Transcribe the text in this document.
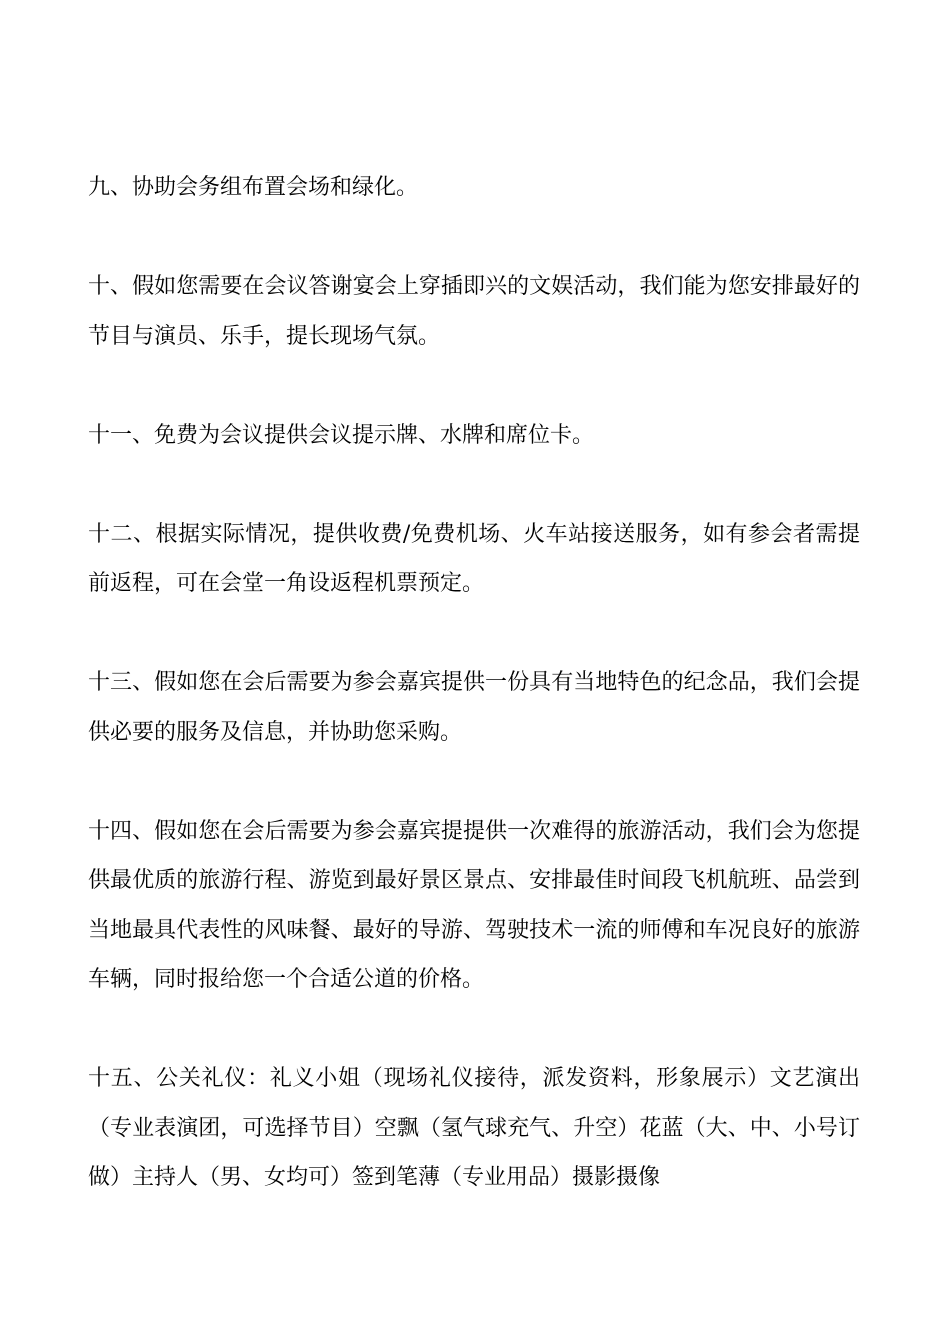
九、协助会务组布置会场和绿化。

十、假如您需要在会议答谢宴会上穿插即兴的文娱活动，我们能为您安排最好的节目与演员、乐手，提长现场气氛。

十一、免费为会议提供会议提示牌、水牌和席位卡。

十二、根据实际情况，提供收费/免费机场、火车站接送服务，如有参会者需提前返程，可在会堂一角设返程机票预定。

十三、假如您在会后需要为参会嘉宾提供一份具有当地特色的纪念品，我们会提供必要的服务及信息，并协助您采购。

十四、假如您在会后需要为参会嘉宾提提供一次难得的旅游活动，我们会为您提供最优质的旅游行程、游览到最好景区景点、安排最佳时间段飞机航班、品尝到当地最具代表性的风味餐、最好的导游、驾驶技术一流的师傅和车况良好的旅游车辆，同时报给您一个合适公道的价格。

十五、公关礼仪：礼义小姐（现场礼仪接待，派发资料，形象展示）文艺演出（专业表演团，可选择节目）空飘（氢气球充气、升空）花蓝（大、中、小号订做）主持人（男、女均可）签到笔薄（专业用品）摄影摄像
